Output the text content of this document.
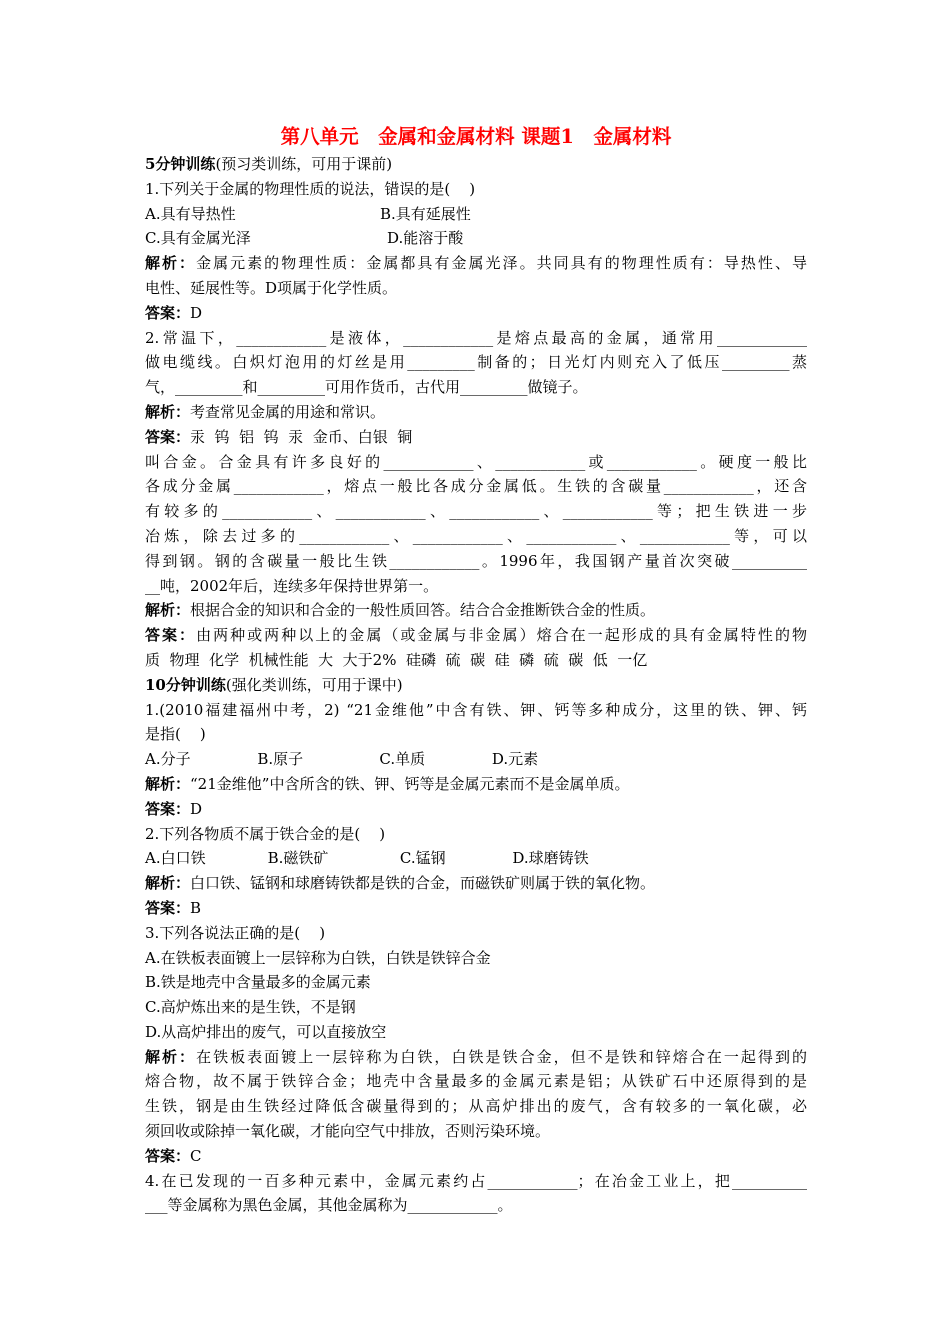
第八单元　金属和金属材料 课题1　金属材料
5分钟训练(预习类训练，可用于课前)
1.下列关于金属的物理性质的说法，错误的是(    )
A.具有导热性	B.具有延展性
C.具有金属光泽	D.能溶于酸
解析：金属元素的物理性质：金属都具有金属光泽。共同具有的物理性质有：导热性、导
电性、延展性等。D项属于化学性质。
答案：D
2.常温下，____________是液体，____________是熔点最高的金属，通常用____________
做电缆线。白炽灯泡用的灯丝是用_________制备的；日光灯内则充入了低压_________蒸
气，_________和_________可用作货币，古代用_________做镜子。
解析：考查常见金属的用途和常识。
答案：汞  钨  铝  钨  汞  金币、白银  铜
叫合金。合金具有许多良好的____________、____________或____________。硬度一般比
各成分金属____________，熔点一般比各成分金属低。生铁的含碳量____________，还含
有较多的____________、____________、____________、____________等；把生铁进一步
冶炼，除去过多的____________、____________、____________、____________等，可以
得到钢。钢的含碳量一般比生铁____________。1996年，我国钢产量首次突破__________
__吨，2002年后，连续多年保持世界第一。
解析：根据合金的知识和合金的一般性质回答。结合合金推断铁合金的性质。
答案：由两种或两种以上的金属（或金属与非金属）熔合在一起形成的具有金属特性的物
质  物理  化学  机械性能  大  大于2%  硅磷  硫  碳  硅  磷  硫  碳  低  一亿
10分钟训练(强化类训练，可用于课中)
1.(2010福建福州中考，2) “21金维他”中含有铁、钾、钙等多种成分，这里的铁、钾、钙
是指(    )
A.分子              B.原子                C.单质              D.元素
解析：“21金维他”中含所含的铁、钾、钙等是金属元素而不是金属单质。
答案：D
2.下列各物质不属于铁合金的是(    )
A.白口铁             B.磁铁矿               C.锰钢              D.球磨铸铁
解析：白口铁、锰钢和球磨铸铁都是铁的合金，而磁铁矿则属于铁的氧化物。
答案：B
3.下列各说法正确的是(    )
A.在铁板表面镀上一层锌称为白铁，白铁是铁锌合金
B.铁是地壳中含量最多的金属元素
C.高炉炼出来的是生铁，不是钢
D.从高炉排出的废气，可以直接放空
解析：在铁板表面镀上一层锌称为白铁，白铁是铁合金，但不是铁和锌熔合在一起得到的
熔合物，故不属于铁锌合金；地壳中含量最多的金属元素是铝；从铁矿石中还原得到的是
生铁，钢是由生铁经过降低含碳量得到的；从高炉排出的废气，含有较多的一氧化碳，必
须回收或除掉一氧化碳，才能向空气中排放，否则污染环境。
答案：C
4.在已发现的一百多种元素中，金属元素约占____________；在冶金工业上，把__________
___等金属称为黑色金属，其他金属称为____________。
